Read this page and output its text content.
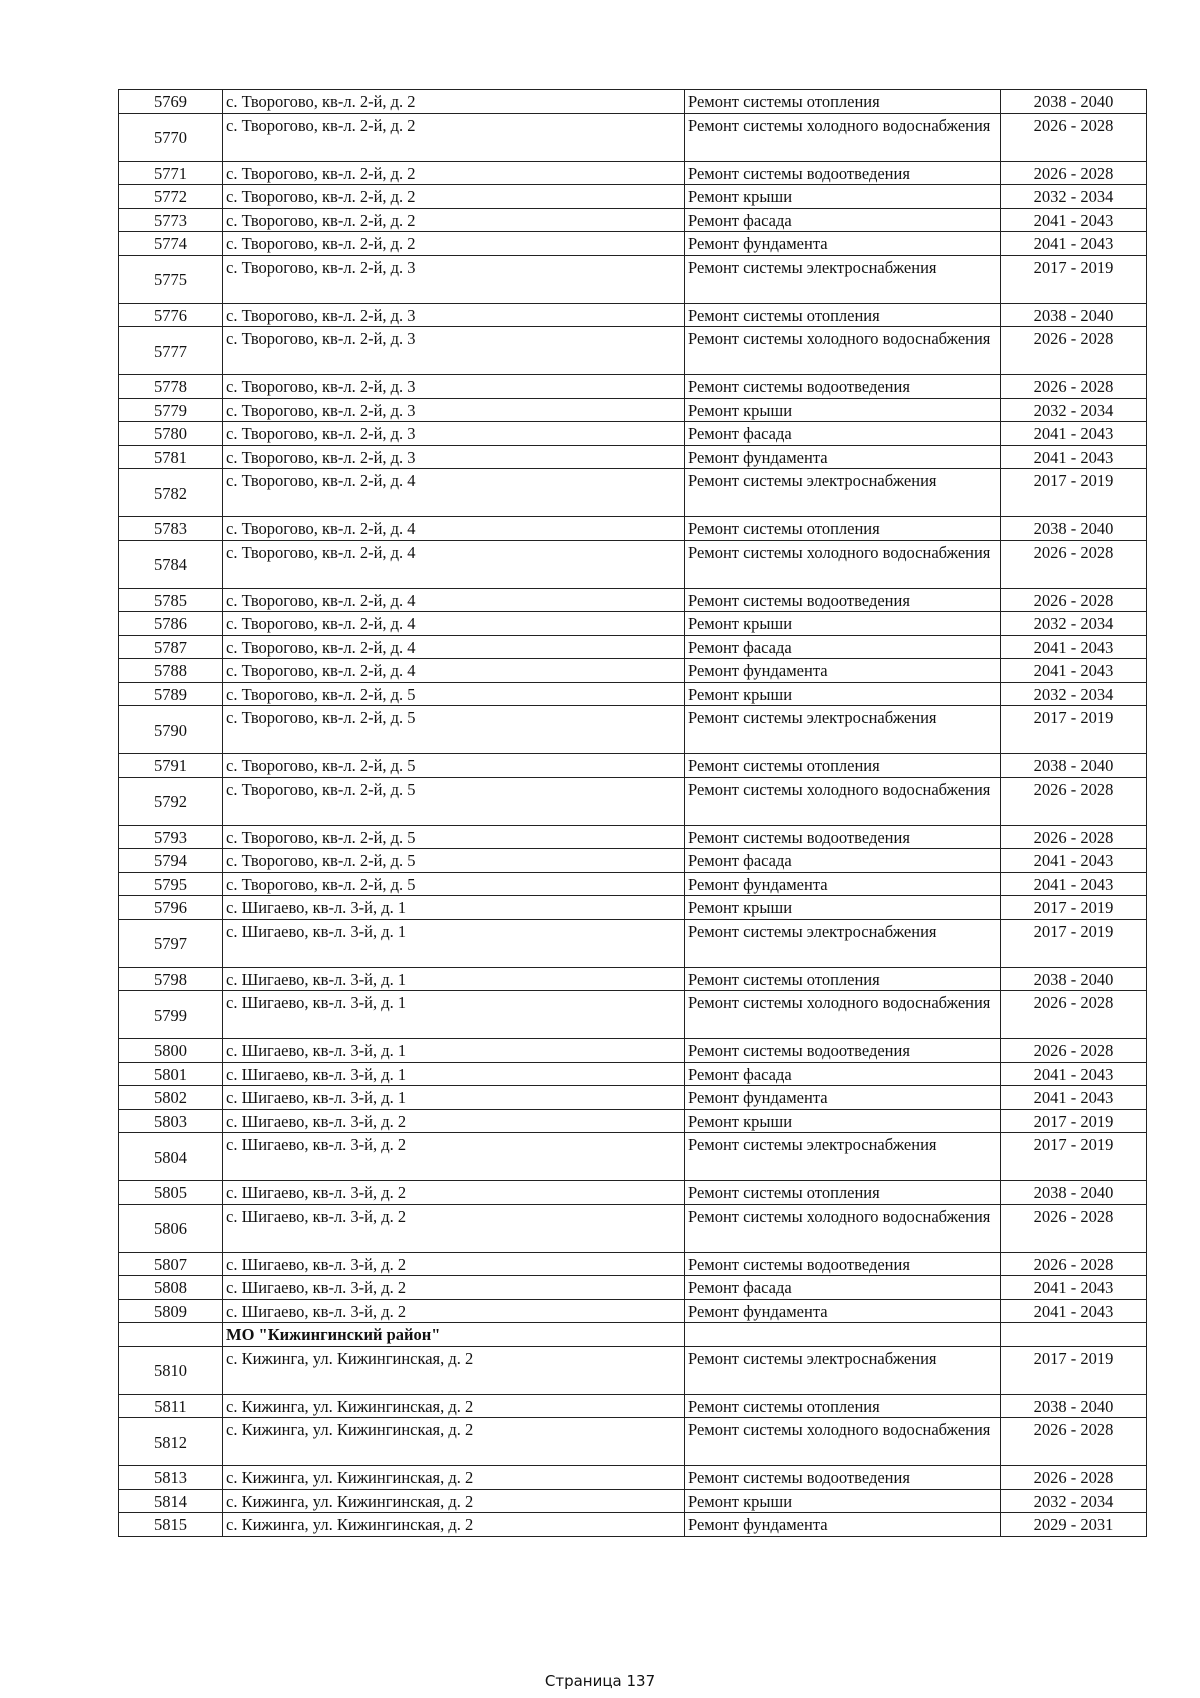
5769	с. Творогово, кв-л. 2-й, д. 2	Ремонт системы отопления	2038 - 2040
5770	с. Творогово, кв-л. 2-й, д. 2	Ремонт системы холодного водоснабжения	2026 - 2028
5771	с. Творогово, кв-л. 2-й, д. 2	Ремонт системы водоотведения	2026 - 2028
5772	с. Творогово, кв-л. 2-й, д. 2	Ремонт крыши	2032 - 2034
5773	с. Творогово, кв-л. 2-й, д. 2	Ремонт фасада	2041 - 2043
5774	с. Творогово, кв-л. 2-й, д. 2	Ремонт фундамента	2041 - 2043
5775	с. Творогово, кв-л. 2-й, д. 3	Ремонт системы электроснабжения	2017 - 2019
5776	с. Творогово, кв-л. 2-й, д. 3	Ремонт системы отопления	2038 - 2040
5777	с. Творогово, кв-л. 2-й, д. 3	Ремонт системы холодного водоснабжения	2026 - 2028
5778	с. Творогово, кв-л. 2-й, д. 3	Ремонт системы водоотведения	2026 - 2028
5779	с. Творогово, кв-л. 2-й, д. 3	Ремонт крыши	2032 - 2034
5780	с. Творогово, кв-л. 2-й, д. 3	Ремонт фасада	2041 - 2043
5781	с. Творогово, кв-л. 2-й, д. 3	Ремонт фундамента	2041 - 2043
5782	с. Творогово, кв-л. 2-й, д. 4	Ремонт системы электроснабжения	2017 - 2019
5783	с. Творогово, кв-л. 2-й, д. 4	Ремонт системы отопления	2038 - 2040
5784	с. Творогово, кв-л. 2-й, д. 4	Ремонт системы холодного водоснабжения	2026 - 2028
5785	с. Творогово, кв-л. 2-й, д. 4	Ремонт системы водоотведения	2026 - 2028
5786	с. Творогово, кв-л. 2-й, д. 4	Ремонт крыши	2032 - 2034
5787	с. Творогово, кв-л. 2-й, д. 4	Ремонт фасада	2041 - 2043
5788	с. Творогово, кв-л. 2-й, д. 4	Ремонт фундамента	2041 - 2043
5789	с. Творогово, кв-л. 2-й, д. 5	Ремонт крыши	2032 - 2034
5790	с. Творогово, кв-л. 2-й, д. 5	Ремонт системы электроснабжения	2017 - 2019
5791	с. Творогово, кв-л. 2-й, д. 5	Ремонт системы отопления	2038 - 2040
5792	с. Творогово, кв-л. 2-й, д. 5	Ремонт системы холодного водоснабжения	2026 - 2028
5793	с. Творогово, кв-л. 2-й, д. 5	Ремонт системы водоотведения	2026 - 2028
5794	с. Творогово, кв-л. 2-й, д. 5	Ремонт фасада	2041 - 2043
5795	с. Творогово, кв-л. 2-й, д. 5	Ремонт фундамента	2041 - 2043
5796	с. Шигаево, кв-л. 3-й, д. 1	Ремонт крыши	2017 - 2019
5797	с. Шигаево, кв-л. 3-й, д. 1	Ремонт системы электроснабжения	2017 - 2019
5798	с. Шигаево, кв-л. 3-й, д. 1	Ремонт системы отопления	2038 - 2040
5799	с. Шигаево, кв-л. 3-й, д. 1	Ремонт системы холодного водоснабжения	2026 - 2028
5800	с. Шигаево, кв-л. 3-й, д. 1	Ремонт системы водоотведения	2026 - 2028
5801	с. Шигаево, кв-л. 3-й, д. 1	Ремонт фасада	2041 - 2043
5802	с. Шигаево, кв-л. 3-й, д. 1	Ремонт фундамента	2041 - 2043
5803	с. Шигаево, кв-л. 3-й, д. 2	Ремонт крыши	2017 - 2019
5804	с. Шигаево, кв-л. 3-й, д. 2	Ремонт системы электроснабжения	2017 - 2019
5805	с. Шигаево, кв-л. 3-й, д. 2	Ремонт системы отопления	2038 - 2040
5806	с. Шигаево, кв-л. 3-й, д. 2	Ремонт системы холодного водоснабжения	2026 - 2028
5807	с. Шигаево, кв-л. 3-й, д. 2	Ремонт системы водоотведения	2026 - 2028
5808	с. Шигаево, кв-л. 3-й, д. 2	Ремонт фасада	2041 - 2043
5809	с. Шигаево, кв-л. 3-й, д. 2	Ремонт фундамента	2041 - 2043
	МО "Кижингинский район"		
5810	с. Кижинга, ул. Кижингинская, д. 2	Ремонт системы электроснабжения	2017 - 2019
5811	с. Кижинга, ул. Кижингинская, д. 2	Ремонт системы отопления	2038 - 2040
5812	с. Кижинга, ул. Кижингинская, д. 2	Ремонт системы холодного водоснабжения	2026 - 2028
5813	с. Кижинга, ул. Кижингинская, д. 2	Ремонт системы водоотведения	2026 - 2028
5814	с. Кижинга, ул. Кижингинская, д. 2	Ремонт крыши	2032 - 2034
5815	с. Кижинга, ул. Кижингинская, д. 2	Ремонт фундамента	2029 - 2031
Страница 137
